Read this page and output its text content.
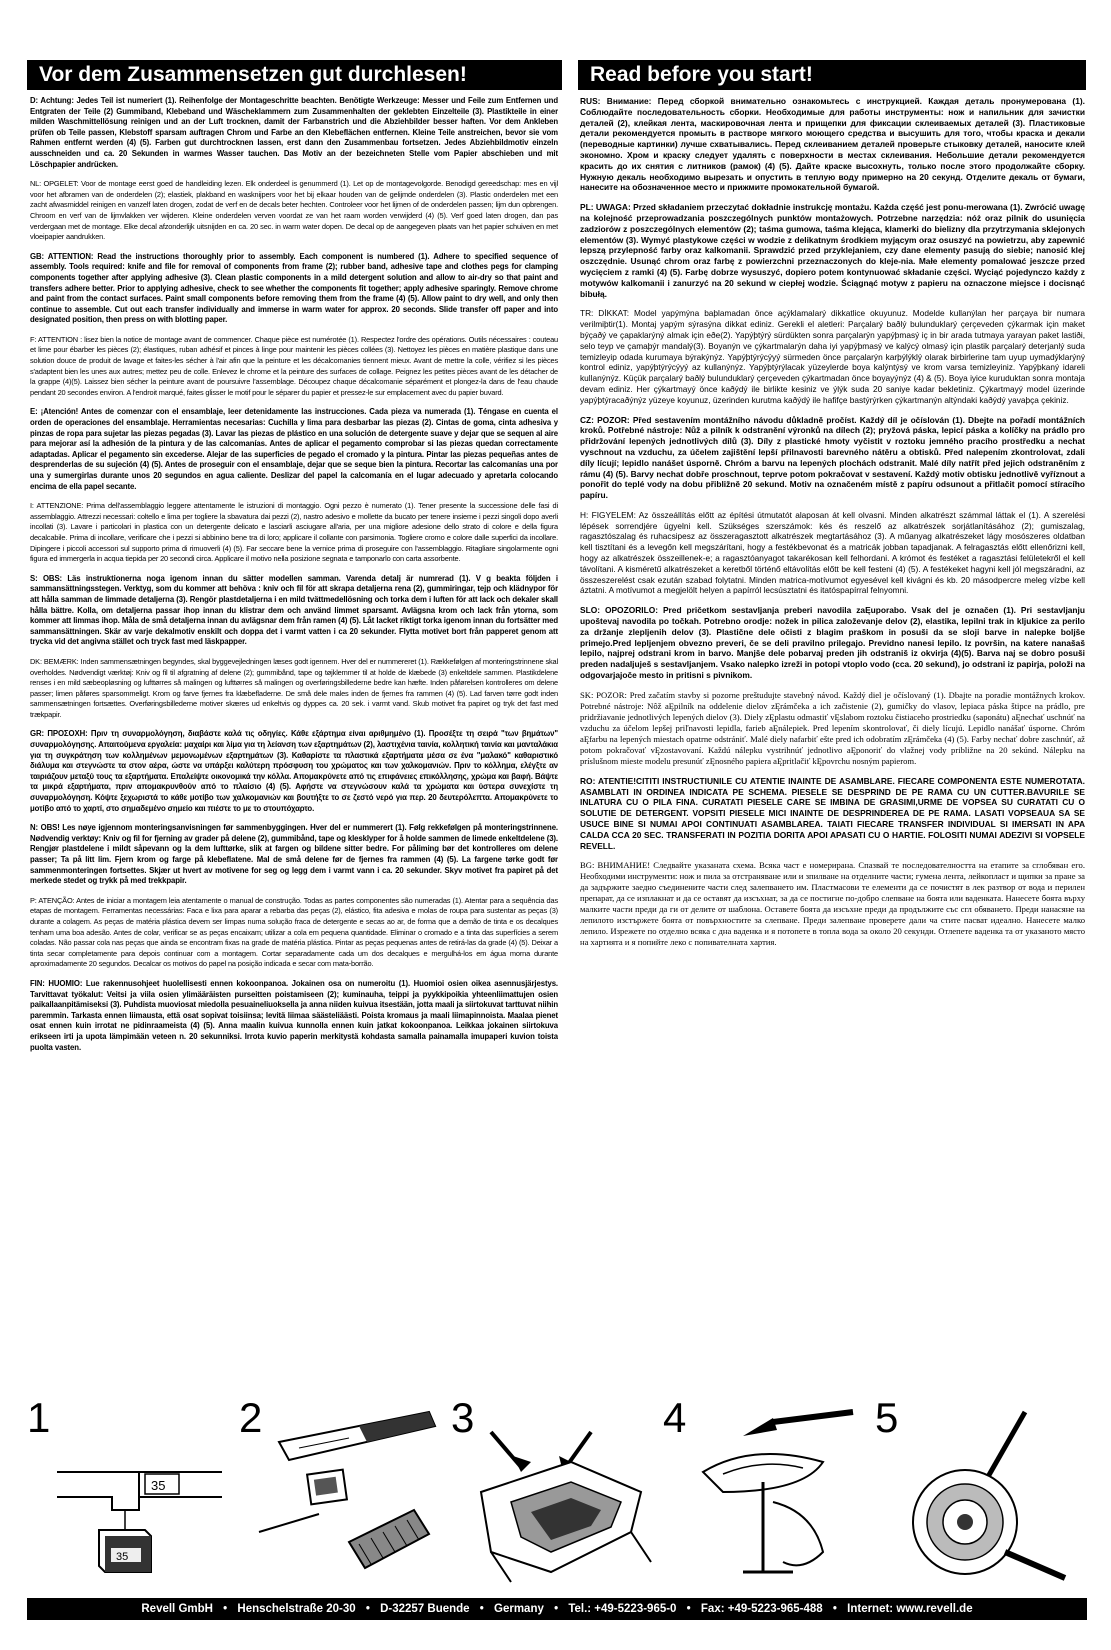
Vor dem Zusammensetzen gut durchlesen!	Read before you start!

D: Achtung: Jedes Teil ist numeriert (1). Reihenfolge der Montageschritte beachten. Benötigte Werkzeuge: Messer und Feile zum Entfernen und Entgraten der Teile (2) Gummiband, Klebeband und Wäscheklammern zum Zusammenhalten der geklebten Einzelteile (3). Plastikteile in einer milden Waschmittellösung reinigen und an der Luft trocknen, damit der Farbanstrich und die Abziehbilder besser haften. Vor dem Ankleben prüfen ob Teile passen, Klebstoff sparsam auftragen Chrom und Farbe an den Klebeflächen entfernen. Kleine Teile anstreichen, bevor sie vom Rahmen entfernt werden (4) (5). Farben gut durchtrocknen lassen, erst dann den Zusammenbau fortsetzen. Jedes Abziehbildmotiv einzeln ausschneiden und ca. 20 Sekunden in warmes Wasser tauchen. Das Motiv an der bezeichneten Stelle vom Papier abschieben und mit Löschpapier andrücken.

NL: OPGELET: Voor de montage eerst goed de handleiding lezen. Elk onderdeel is genummerd (1). Let op de montagevolgorde. Benodigd gereedschap: mes en vijl voor het afbramen van de onderdelen (2); elastiek, plakband en wasknijpers voor het bij elkaar houden van de gelijmde onderdelen (3). Plastic onderdelen met een zacht afwasmiddel reinigen en vanzelf laten drogen, zodat de verf en de decals beter hechten. Controleer voor het lijmen of de onderdelen passen; lijm dun opbrengen. Chroom en verf van de lijmvlakken ver wijderen. Kleine onderdelen verven voordat ze van het raam worden verwijderd (4) (5). Verf goed laten drogen, dan pas verdergaan met de montage. Elke decal afzonderlijk uitsnijden en ca. 20 sec. in warm water dopen. De decal op de aangegeven plaats van het papier schuiven en met vloeipapier aandrukken.

GB: ATTENTION: Read the instructions thoroughly prior to assembly. Each component is numbered (1). Adhere to specified sequence of assembly. Tools required: knife and file for removal of components from frame (2); rubber band, adhesive tape and clothes pegs for clamping components together after applying adhesive (3). Clean plastic components in a mild detergent solution and allow to air-dry so that paint and transfers adhere better. Prior to applying adhesive, check to see whether the components fit together; apply adhesive sparingly. Remove chrome and paint from the contact surfaces. Paint small components before removing them from the frame (4) (5). Allow paint to dry well, and only then continue to assemble. Cut out each transfer individually and immerse in warm water for approx. 20 seconds. Slide transfer off paper and into designated position, then press on with blotting paper.

F: ATTENTION : lisez bien la notice de montage avant de commencer. Chaque pièce est numérotée (1). Respectez l'ordre des opérations. Outils nécessaires : couteau et lime pour ébarber les pièces (2); élastiques, ruban adhésif et pinces à linge pour maintenir les pièces collées (3). Nettoyez les pièces en matière plastique dans une solution douce de produit de lavage et faites-les sécher à l'air afin que la peinture et les décalcomanies tiennent mieux. Avant de mettre la colle, vérifiez si les pièces s'adaptent bien les unes aux autres; mettez peu de colle. Enlevez le chrome et la peinture des surfaces de collage. Peignez les petites pièces avant de les détacher de la grappe (4)(5). Laissez bien sécher la peinture avant de poursuivre l'assemblage. Découpez chaque décalcomanie séparément et plongez-la dans de l'eau chaude pendant 20 secondes environ. A l'endroit marqué, faites glisser le motif pour le séparer du papier et pressez-le sur emplacement avec du papier buvard.

E: ¡Atención! Antes de comenzar con el ensamblaje, leer detenidamente las instrucciones. Cada pieza va numerada (1). Téngase en cuenta el orden de operaciones del ensamblaje. Herramientas necesarias: Cuchilla y lima para desbarbar las piezas (2). Cintas de goma, cinta adhesiva y pinzas de ropa para sujetar las piezas pegadas (3). Lavar las piezas de plástico en una solución de detergente suave y dejar que se sequen al aire para mejorar así la adhesión de la pintura y de las calcomanías. Antes de aplicar el pegamento comprobar si las piezas quedan correctamente adaptadas. Aplicar el pegamento sin excederse. Alejar de las superficies de pegado el cromado y la pintura. Pintar las piezas pequeñas antes de desprenderlas de su sujeción (4) (5). Antes de proseguir con el ensamblaje, dejar que se seque bien la pintura. Recortar las calcomanías una por una y sumergirlas durante unos 20 segundos en agua caliente. Deslizar del papel la calcomanía en el lugar adecuado y apretarla colocando encima de ella papel secante.

I: ATTENZIONE: Prima dell'assemblaggio leggere attentamente le istruzioni di montaggio. Ogni pezzo è numerato (1). Tener presente la successione delle fasi di assemblaggio. Attrezzi necessari: coltello e lima per togliere la sbavatura dai pezzi (2), nastro adesivo e mollette da bucato per tenere insieme i pezzi singoli dopo averli incollati (3). Lavare i particolari in plastica con un detergente delicato e lasciarli asciugare all'aria, per una migliore adesione dello strato di colore e della figura decalcabile. Prima di incollare, verificare che i pezzi si abbinino bene tra di loro; applicare il collante con parsimonia. Togliere cromo e colore dalle superfici da incollare. Dipingere i piccoli accessori sul supporto prima di rimuoverli (4) (5). Far seccare bene la vernice prima di proseguire con l'assemblaggio. Ritagliare singolarmente ogni figura ed immergerla in acqua tiepida per 20 secondi circa. Applicare il motivo nella posizione segnata e tamponarlo con carta assorbente.

S: OBS: Läs instruktionerna noga igenom innan du sätter modellen samman. Varenda detalj är numrerad (1). V g beakta följden i sammansättningsstegen. Verktyg, som du kommer att behöva : kniv och fil för att skrapa detaljerna rena (2), gummiringar, tejp och klädnypor för att hålla samman de limmade detaljerna (3). Rengör plastdetaljerna i en mild tvättmedellösning och torka dem i luften för att lack och dekaler skall hålla bättre. Kolla, om detaljerna passar ihop innan du klistrar dem och använd limmet sparsamt. Avlägsna krom och lack från ytorna, som kommer att limmas ihop. Måla de små detaljerna innan du avlägsnar dem från ramen (4) (5). Låt lacket riktigt torka igenom innan du fortsätter med sammansättningen. Skär av varje dekalmotiv enskilt och doppa det i varmt vatten i ca 20 sekunder. Flytta motivet bort från papperet genom att trycka vid det angivna stället och tryck fast med läskpapper.

DK: BEMÆRK: Inden sammensætningen begyndes, skal byggevejledningen læses godt igennem. Hver del er nummereret (1). Rækkefølgen af monteringstrinnene skal overholdes. Nødvendigt værktøj: Kniv og fil til afgratning af delene (2); gummibånd, tape og tøjklemmer til at holde de klæbede (3) enkeltdele sammen. Plastikdelene renses i en mild sæbeopløsning og lufttørres så malingen og lufttørres så malingen og overføringsbillederne bedre kan hæfte. Inden påførelsen kontrolleres om delene passer; limen påføres sparsommeligt. Krom og farve fjernes fra klæbefladerne. De små dele males inden de fjernes fra rammen (4) (5). Lad farven tørre godt inden sammensætningen fortsættes. Overføringsbillederne motiver skæres ud enkeltvis og dyppes ca. 20 sek. i varmt vand. Skub motivet fra papiret og tryk det fast med trækpapir.

GR: ΠΡΟΣΟΧΗ: Πριν τη συναρμολόγηση, διαβάστε καλά τις οδηγίες. Κάθε εξάρτημα είναι αριθμημένο (1). Προσέξτε τη σειρά "των βημάτων" συναρμολόγησης. Απαιτούμενα εργαλεία: μαχαίρι και λίμα για τη λείανση των εξαρτημάτων (2), λαστιχένια ταινία, κολλητική ταινία και μανταλάκια για τη συγκράτηση των κολλημένων μεμονωμένων εξαρτημάτων (3). Καθαρίστε τα πλαστικά εξαρτήματα μέσα σε ένα "μαλακό" καθαριστικό διάλυμα και στεγνώστε τα στον αέρα, ώστε να υπάρξει καλύτερη πρόσφυση του χρώματος και των χαλκομανιών. Πριν το κόλλημα, ελέγξτε αν ταιριάζουν μεταξύ τους τα εξαρτήματα. Επαλείψτε οικονομικά την κόλλα. Απομακρύνετε από τις επιφάνειες επικόλλησης, χρώμα και βαφή. Βάψτε τα μικρά εξαρτήματα, πριν απομακρυνθούν από το πλαίσιο (4) (5). Αφήστε να στεγνώσουν καλά τα χρώματα και ύστερα συνεχίστε τη συναρμολόγηση. Κόψτε ξεχωριστά το κάθε μοτίβο των χαλκομανιών και βουτήξτε το σε ζεστό νερό για περ. 20 δευτερόλεπτα. Απομακρύνετε το μοτίβο από το χαρτί, στο σημαδεμένο σημείο και πιέστε το με το στουπόχαρτο.

N: OBS! Les nøye igjennom monteringsanvisningen før sammenbyggingen. Hver del er nummerert (1). Følg rekkefølgen på monteringstrinnene. Nødvendig verktøy: Kniv og fil for fjerning av grader på delene (2), gummibånd, tape og klesklyper for å holde sammen de limede enkeltdelene (3). Rengjør plastdelene i mildt såpevann og la dem lufttørke, slik at fargen og bildene sitter bedre. For påliming bør det kontrolleres om delene passer; Ta på litt lim. Fjern krom og farge på klebeflatene. Mal de små delene før de fjernes fra rammen (4) (5). La fargene tørke godt før sammenmonteringen fortsettes. Skjær ut hvert av motivene for seg og legg dem i varmt vann i ca. 20 sekunder. Skyv motivet fra papiret på det merkede stedet og trykk på med trekkpapir.

P: ATENÇÃO: Antes de iniciar a montagem leia atentamente o manual de construção. Todas as partes componentes são numeradas (1). Atentar para a sequência das etapas de montagem. Ferramentas necessárias: Faca e lixa para aparar a rebarba das peças (2), elástico, fita adesiva e molas de roupa para sustentar as peças (3) durante a colagem. As peças de matéria plástica devem ser limpas numa solução fraca de detergente e secas ao ar, de forma que a demão de tinta e os decalques tenham uma boa adesão. Antes de colar, verificar se as peças encaixam; utilizar a cola em pequena quantidade. Eliminar o cromado e a tinta das superfícies a serem coladas. Não passar cola nas peças que ainda se encontram fixas na grade de matéria plástica. Pintar as peças pequenas antes de retirá-las da grade (4) (5). Deixar a tinta secar completamente para depois continuar com a montagem. Cortar separadamente cada um dos decalques e mergulhá-los em água morna durante aproximadamente 20 segundos. Decalcar os motivos do papel na posição indicada e secar com mata-borrão.

FIN: HUOMIO: Lue rakennusohjeet huolellisesti ennen kokoonpanoa. Jokainen osa on numeroitu (1). Huomioi osien oikea asennusjärjestys. Tarvittavat työkalut: Veitsi ja viila osien ylimääräisten purseitten poistamiseen (2); kuminauha, teippi ja pyykkipoikia yhteenliimattujen osien paikallaanpitämiseksi (3). Puhdista muoviosat miedolla pesuaineliuoksella ja anna niiden kuivua itsestään, jotta maali ja siirtokuvat tarttuvat niihin paremmin. Tarkasta ennen liimausta, että osat sopivat toisiinsa; levitä liimaa säästeliäästi. Poista kromaus ja maali liimapinnoista. Maalaa pienet osat ennen kuin irrotat ne pidinraameista (4) (5). Anna maalin kuivua kunnolla ennen kuin jatkat kokoonpanoa. Leikkaa jokainen siirtokuva erikseen irti ja upota lämpimään veteen n. 20 sekunniksi. Irrota kuvio paperin merkitystä kohdasta samalla painamalla imupaperi kuvion toista puolta vasten.

RUS: Внимание: Перед сборкой внимательно ознакомьтесь с инструкцией. Каждая деталь пронумерована (1). Соблюдайте последовательность сборки. Необходимые для работы инструменты: нож и напильник для зачистки деталей (2), клейкая лента, маскировочная лента и прищепки для фиксации склеиваемых деталей (3). Пластиковые детали рекомендуется промыть в растворе мягкого моющего средства и высушить для того, чтобы краска и декали (переводные картинки) лучше схватывались. Перед склеиванием деталей проверьте стыковку деталей, наносите клей экономно. Хром и краску следует удалять с поверхности в местах склеивания. Небольшие детали рекомендуется красить до их снятия с литников (рамок) (4) (5). Дайте краске высохнуть, только после этого продолжайте сборку. Нужную декаль необходимо вырезать и опустить в теплую воду примерно на 20 секунд. Отделите декаль от бумаги, нанесите на обозначенное место и прижмите промокательной бумагой.

PL: UWAGA: Przed składaniem przeczytać dokładnie instrukcję montażu. Każda część jest ponu-merowana (1). Zwrócić uwagę na kolejność przeprowadzania poszczególnych punktów montażowych. Potrzebne narzędzia: nóż oraz pilnik do usunięcia zadziorów z poszczególnych elementów (2); taśma gumowa, taśma klejąca, klamerki do bielizny dla przytrzymania sklejonych elementów (3). Wymyć plastykowe części w wodzie z delikatnym środkiem myjącym oraz osuszyć na powietrzu, aby zapewnić lepszą przylepność farby oraz kalkomanii. Sprawdzić przed przyklejaniem, czy dane elementy pasują do siebie; nanosić klej oszczędnie. Usunąć chrom oraz farbę z powierzchni przeznaczonych do kleje-nia. Małe elementy pomalować jeszcze przed wycięciem z ramki (4) (5). Farbę dobrze wysuszyć, dopiero potem kontynuować składanie części. Wyciąć pojedynczo każdy z motywów kalkomanii i zanurzyć na 20 sekund w ciepłej wodzie. Ściągnąć motyw z papieru na oznaczone miejsce i docisnąć bibułą.

TR: DİKKAT: Model yapýmýna baþlamadan önce açýklamalarý dikkatlice okuyunuz. Modelde kullanýlan her parçaya bir numara verilmiþtir(1). Montaj yapým sýrasýna dikkat ediniz. Gerekli el aletleri: Parçalarý baðlý bulunduklarý çerçeveden çýkarmak için maket býçaðý ve çapaklarýný almak için eðe(2). Yapýþtýrý sürdükten sonra parçalarýn yapýþmasý iç in bir arada tutmaya yarayan paket lastiði, selo teyp ve çamaþýr mandalý(3). Boyanýn ve çýkartmalarýn daha iyi yapýþmasý ve kalýcý olmasý için plastik parçalarý deterjanlý suda temizleyip odada kurumaya býrakýnýz. Yapýþtýrýcýyý sürmeden önce parçalarýn karþýlýklý olarak birbirlerine tam uyup uymadýklarýný kontrol ediniz, yapýþtýrýcýyý az kullanýnýz. Yapýþtýrýlacak yüzeylerde boya kalýntýsý ve krom varsa temizleyiniz. Yapýþkaný idareli kullanýnýz. Küçük parçalarý baðlý bulunduklarý çerçeveden çýkartmadan önce boyayýnýz (4) & (5). Boya iyice kuruduktan sonra montaja devam ediniz. Her çýkartmayý önce kaðýdý ile birlikte kesiniz ve ýlýk suda 20 saniye kadar bekletiniz. Çýkartmayý model üzerinde yapýþtýracaðýnýz yüzeye koyunuz, üzerinden kurutma kaðýdý ile hafifçe bastýrýrken çýkartmanýn altýndaki kaðýdý yavaþça çekiniz.

CZ: POZOR: Před sestavením montážního návodu důkladně pročíst. Každý díl je očíslován (1). Dbejte na pořadí montážních kroků. Potřebné nástroje: Nůž a pilník k odstranění výronků na dílech (2); pryžová páska, lepicí páska a kolíčky na prádlo pro přidržování lepených jednotlivých dílů (3). Díly z plastické hmoty vyčistit v roztoku jemného pracího prostředku a nechat vyschnout na vzduchu, za účelem zajištění lepší přilnavosti barevného nátěru a obtisků. Před nalepením zkontrolovat, zdali díly lícují; lepidlo nanášet úsporně. Chróm a barvu na lepených plochách odstranit. Malé díly natřít před jejich odstraněním z rámu (4) (5). Barvy nechat dobře proschnout, teprve potom pokračovat v sestavení. Každý motiv obtisku jednotlivě vyříznout a ponořit do teplé vody na dobu přibližně 20 sekund. Motiv na označeném místě z papíru odsunout a přitlačit pomocí stíracího papíru.

H: FIGYELEM: Az összeállítás előtt az építési útmutatót alaposan át kell olvasni. Minden alkatrészt számmal láttak el (1). A szerelési lépések sorrendjére ügyelni kell. Szükséges szerszámok: kés és reszelő az alkatrészek sorjátlanításához (2); gumiszalag, ragasztószalag és ruhacsipesz az összeragasztott alkatrészek megtartásához (3). A műanyag alkatrészeket lágy mosószeres oldatban kell tisztítani és a levegőn kell megszárítani, hogy a festékbevonat és a matricák jobban tapadjanak. A felragasztás előtt ellenőrizni kell, hogy az alkatrészek összeillenek-e; a ragasztóanyagot takarékosan kell felhordani. A krómot és festéket a ragasztási felületekről el kell távolítani. A kisméretű alkatrészeket a keretből történő eltávolítás előtt be kell festeni (4) (5). A festékeket hagyni kell jól megszáradni, az összeszerelést csak ezután szabad folytatni. Minden matrica-motívumot egyesével kell kivágni és kb. 20 másodpercre meleg vízbe kell áztatni. A motívumot a megjelölt helyen a papírról lecsúsztatni és itatóspapírral felnyomni.

SLO: OPOZORILO: Pred pričetkom sestavljanja preberi navodila zaĘuporabo. Vsak del je označen (1). Pri sestavljanju upoštevaj navodila po točkah. Potrebno orodje: nožek in pilica založevanje delov (2), elastika, lepilni trak in kljukice za perilo za držanje zlepljenih delov (3). Plastične dele očisti z blagim praškom in posuši da se sloji barve in nalepke boljše primejo.Pred lepljenjem obvezno preveri, če se deli pravilno prilegajo. Previdno nanesi lepilo. Iz površin, na katere nanašaš lepilo, najprej odstrani krom in barvo. Manjše dele pobarvaj preden jih odstraniš iz okvirja (4)(5). Barva naj se dobro posuši preden nadaljuješ s sestavljanjem. Vsako nalepko izreži in potopi vtoplo vodo (cca. 20 sekund), jo odstrani iz papirja, položi na odgovarjajoče mesto in pritisni s pivnikom.

SK: POZOR: Pred začatím stavby si pozorne preštudujte stavebný návod. Každý diel je očíslovaný (1). Dbajte na poradie montážnych krokov. Potrebné nástroje: Nôž aĘpilník na oddelenie dielov zĘrámčeka a ich začistenie (2), gumičky do vlasov, lepiaca páska štipce na prádlo, pre pridržiavanie jednotlivých lepených dielov (3). Diely zĘplastu odmastiť vĘslabom roztoku čistiaceho prostriedku (saponátu) aĘnechať uschnúť na vzduchu za účelom lepšej priľnavosti lepidla, farieb aĘnálepiek. Pred lepením skontrolovať, či diely lícujú. Lepidlo nanášať úsporne. Chróm aĘfarbu na lepených miestach opatrne odstrániť. Malé diely nafarbiť ešte pred ich odobratím zĘrámčeka (4) (5). Farby nechať dobre zaschnúť, až potom pokračovať vĘzostavovaní. Každú nálepku vystrihnúť jednotlivo aĘponoriť do vlažnej vody približne na 20 sekúnd. Nálepku na príslušnom mieste modelu presunúť zĘnosného papiera aĘpritlačiť kĘpovrchu nosným papierom.

RO: ATENTIE!CITITI INSTRUCTIUNILE CU ATENTIE INAINTE DE ASAMBLARE. FIECARE COMPONENTA ESTE NUMEROTATA. ASAMBLATI IN ORDINEA INDICATA PE SCHEMA. PIESELE SE DESPRIND DE PE RAMA CU UN CUTTER.BAVURILE SE INLATURA CU O PILA FINA. CURATATI PIESELE CARE SE IMBINA DE GRASIMI,URME DE VOPSEA SU CURATATI CU O SOLUTIE DE DETERGENT. VOPSITI PIESELE MICI INAINTE DE DESPRINDEREA DE PE RAMA. LASATI VOPSEAUA SA SE USUCE BINE SI NUMAI APOI CONTINUATI ASAMBLAREA. TAIATI FIECARE TRANSFER INDIVIDUAL SI IMERSATI IN APA CALDA CCA 20 SEC. TRANSFERATI IN POZITIA DORITA APOI APASATI CU O HARTIE. FOLOSITI NUMAI ADEZIVI SI VOPSELE REVELL.

BG: ВНИМАНИЕ! Следвайте указаната схема. Всяка част е номерирана. Спазвай те последователността на етапите за сглобяван его. Необходими инструменти: нож и пила за отстраняване или и зпилване на отделните части; гумена лента, лейкопласт и щипки за пране за да задържите заедно съединените части след залепването им. Пластмасови те елементи да се почистят в лек разтвор от вода и перилен препарат, да се изплакнат и да се оставят да изсъхнат, за да се постигне по-добро слепване на боята или ваденката. Нанесете боята върху малките части преди да ги от делите от шаблона. Оставете боята да изсъхне преди да продължите със сгл обяването. Преди нанасяне на лепилото изстържете боята от повърхностите за слепване. Преди залепване проверете дали ча стите пасват идеално. Нанесете малко лепило. Изрежете по отделно всяка с дна ваденка и я потопете в топла вода за около 20 секунди. Отлепете ваденка та от указаното място на хартията и я попийте леко с попивателната хартия.

1
35
35
2	3	4	5
Revell GmbH • Henschelstraße 20-30 • D-32257 Buende • Germany • Tel.: +49-5223-965-0 • Fax: +49-5223-965-488 • Internet: www.revell.de
